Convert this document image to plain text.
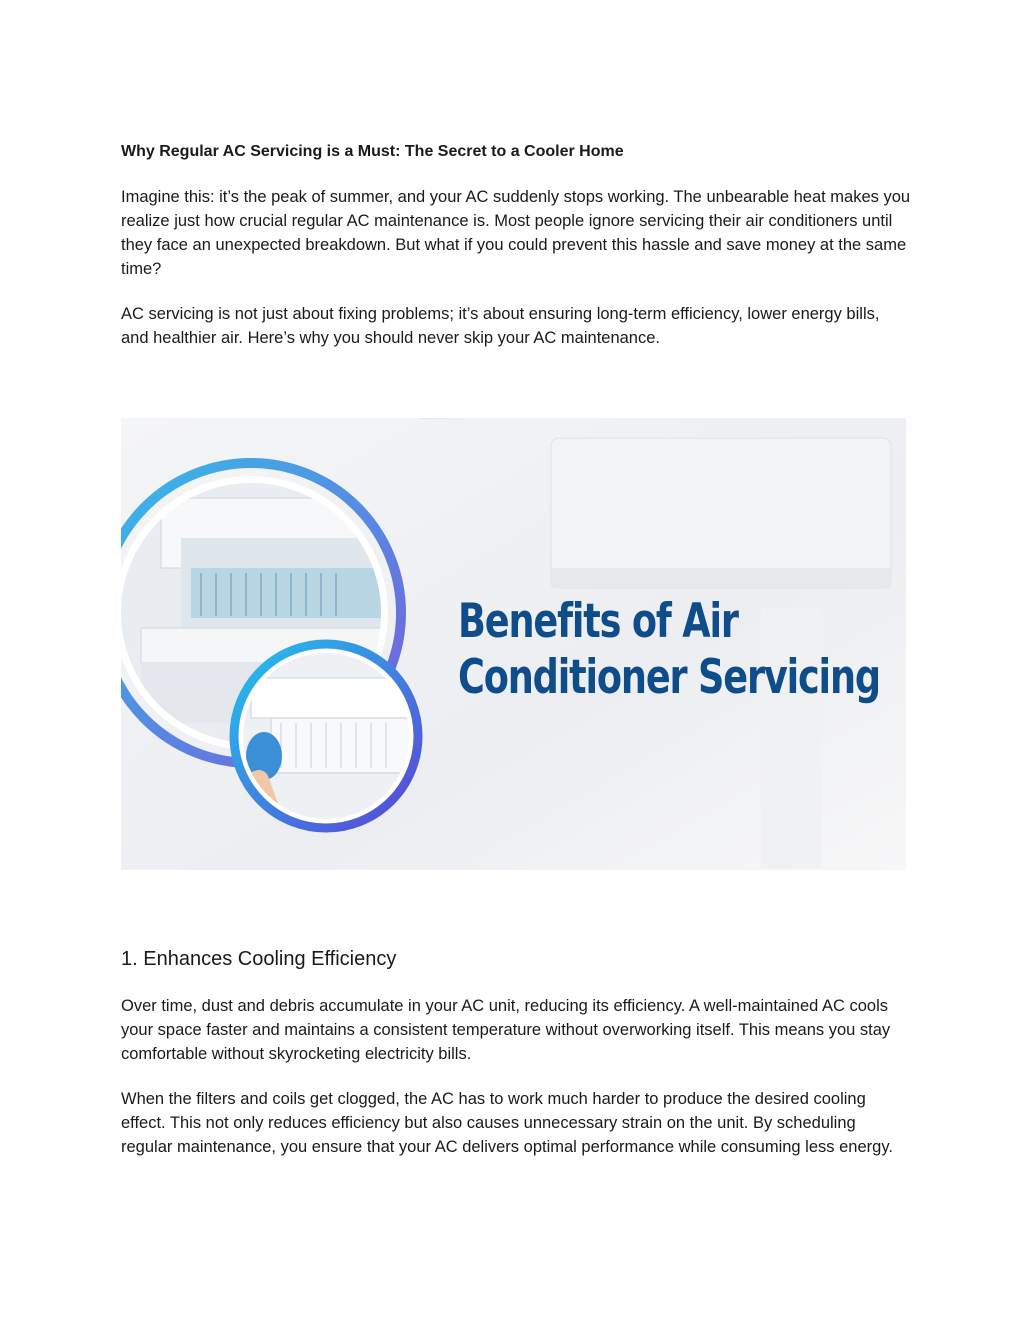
Why Regular AC Servicing is a Must: The Secret to a Cooler Home

Imagine this: it’s the peak of summer, and your AC suddenly stops working. The unbearable heat makes you realize just how crucial regular AC maintenance is. Most people ignore servicing their air conditioners until they face an unexpected breakdown. But what if you could prevent this hassle and save money at the same time?

AC servicing is not just about fixing problems; it’s about ensuring long-term efficiency, lower energy bills, and healthier air. Here’s why you should never skip your AC maintenance.

Benefits of Air
Conditioner Servicing
1. Enhances Cooling Efficiency

Over time, dust and debris accumulate in your AC unit, reducing its efficiency. A well-maintained AC cools your space faster and maintains a consistent temperature without overworking itself. This means you stay comfortable without skyrocketing electricity bills.

When the filters and coils get clogged, the AC has to work much harder to produce the desired cooling effect. This not only reduces efficiency but also causes unnecessary strain on the unit. By scheduling regular maintenance, you ensure that your AC delivers optimal performance while consuming less energy.
